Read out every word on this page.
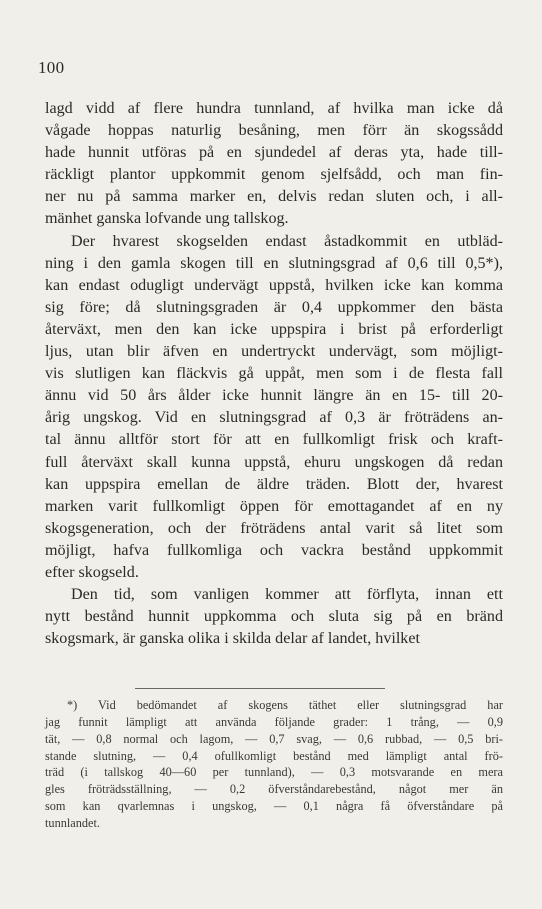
100
lagd vidd af flere hundra tunnland, af hvilka man icke då
vågade hoppas naturlig besåning, men förr än skogssådd
hade hunnit utföras på en sjundedel af deras yta, hade till-
räckligt plantor uppkommit genom sjelfsådd, och man fin-
ner nu på samma marker en, delvis redan sluten och, i all-
mänhet ganska lofvande ung tallskog.
Der hvarest skogselden endast åstadkommit en utbläd-
ning i den gamla skogen till en slutningsgrad af 0,6 till 0,5*),
kan endast odugligt undervägt uppstå, hvilken icke kan komma
sig före; då slutningsgraden är 0,4 uppkommer den bästa
återväxt, men den kan icke uppspira i brist på erforderligt
ljus, utan blir äfven en undertryckt undervägt, som möjligt-
vis slutligen kan fläckvis gå uppåt, men som i de flesta fall
ännu vid 50 års ålder icke hunnit längre än en 15- till 20-
årig ungskog. Vid en slutningsgrad af 0,3 är fröträdens an-
tal ännu alltför stort för att en fullkomligt frisk och kraft-
full återväxt skall kunna uppstå, ehuru ungskogen då redan
kan uppspira emellan de äldre träden. Blott der, hvarest
marken varit fullkomligt öppen för emottagandet af en ny
skogsgeneration, och der fröträdens antal varit så litet som
möjligt, hafva fullkomliga och vackra bestånd uppkommit
efter skogseld.
Den tid, som vanligen kommer att förflyta, innan ett
nytt bestånd hunnit uppkomma och sluta sig på en bränd
skogsmark, är ganska olika i skilda delar af landet, hvilket
*) Vid bedömandet af skogens täthet eller slutningsgrad har
jag funnit lämpligt att använda följande grader: 1 trång, — 0,9
tät, — 0,8 normal och lagom, — 0,7 svag, — 0,6 rubbad, — 0,5 bri-
stande slutning, — 0,4 ofullkomligt bestånd med lämpligt antal frö-
träd (i tallskog 40—60 per tunnland), — 0,3 motsvarande en mera
gles fröträdsställning, — 0,2 öfverståndarebestånd, något mer än
som kan qvarlemnas i ungskog, — 0,1 några få öfverståndare på
tunnlandet.
